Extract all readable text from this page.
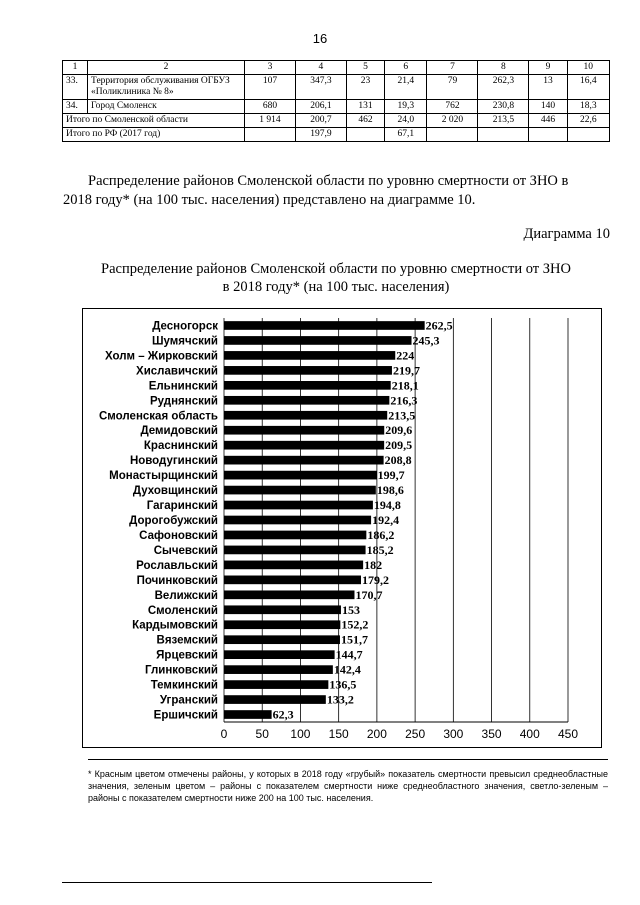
16
1	2	3	4	5	6	7	8	9	10
33.	Территория обслуживания ОГБУЗ «Поликлиника № 8»	107	347,3	23	21,4	79	262,3	13	16,4
34.	Город Смоленск	680	206,1	131	19,3	762	230,8	140	18,3
Итого по Смоленской области		1 914	200,7	462	24,0	2 020	213,5	446	22,6
Итого по РФ (2017 год)			197,9		67,1				
Распределение районов Смоленской области по уровню смертности от ЗНО в
2018 году* (на 100 тыс. населения) представлено на диаграмме 10.
Диаграмма 10
Распределение районов Смоленской области по уровню смертности от ЗНО
в 2018 году* (на 100 тыс. населения)
0 50 100 150 200 250 300 350 400 450
Десногорск	262,5
Шумячский	245,3
Холм – Жирковский	224
Хиславичский	219,7
Ельнинский	218,1
Руднянский	216,3
Смоленская область	213,5
Демидовский	209,6
Краснинский	209,5
Новодугинский	208,8
Монастырщинский	199,7
Духовщинский	198,6
Гагаринский	194,8
Дорогобужский	192,4
Сафоновский	186,2
Сычевский	185,2
Рославльский	182
Починковский	179,2
Велижский	170,7
Смоленский	153
Кардымовский	152,2
Вяземский	151,7
Ярцевский	144,7
Глинковский	142,4
Темкинский	136,5
Угранский	133,2
Ершичский	62,3
* Красным цветом отмечены районы, у которых в 2018 году «грубый» показатель смертности превысил среднеобластные значения, зеленым цветом – районы с показателем смертности ниже среднеобластного значения, светло-зеленым – районы с показателем смертности ниже 200 на 100 тыс. населения.
